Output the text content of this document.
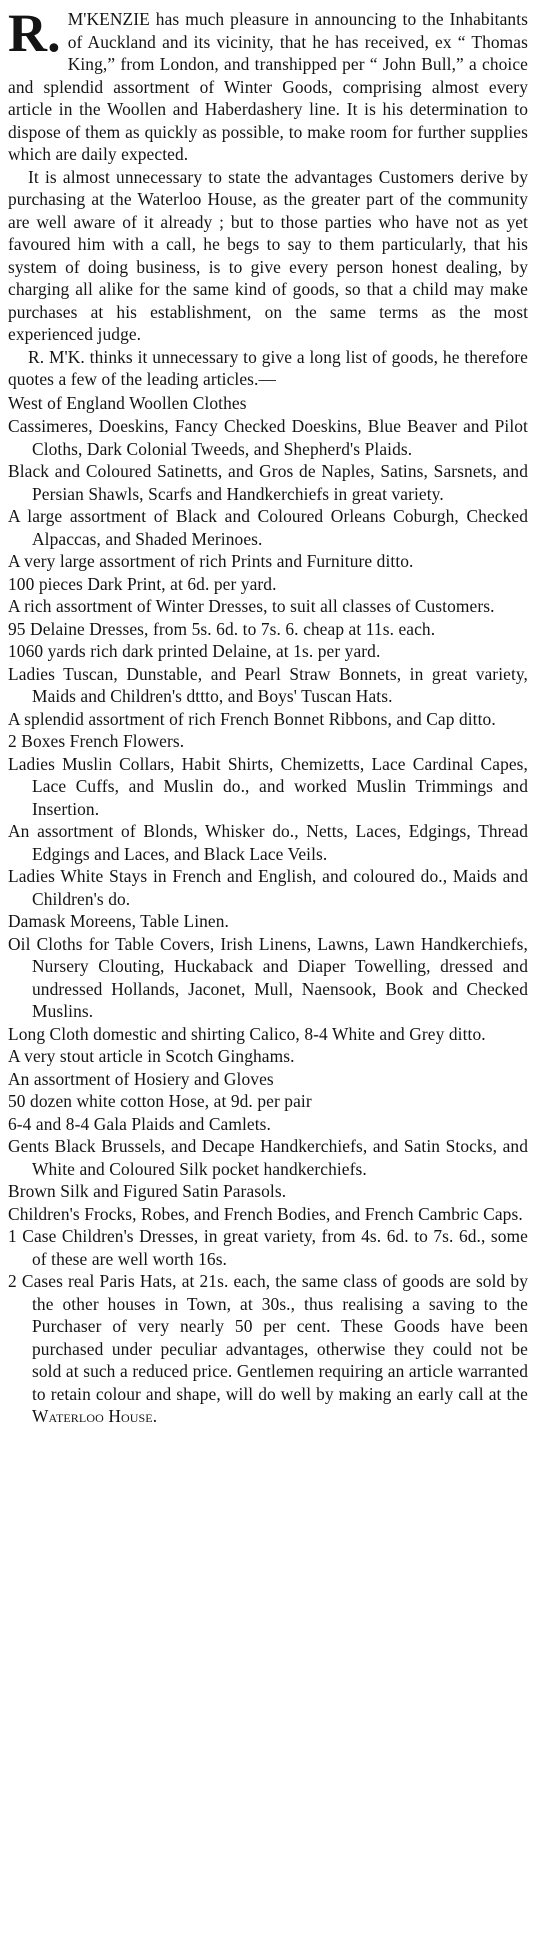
R. M'KENZIE has much pleasure in announcing to the Inhabitants of Auckland and its vicinity, that he has received, ex “ Thomas King,” from London, and transhipped per “ John Bull,” a choice and splendid assortment of Winter Goods, comprising almost every article in the Woollen and Haberdashery line. It is his determination to dispose of them as quickly as possible, to make room for further supplies which are daily expected.

It is almost unnecessary to state the advantages Customers derive by purchasing at the Waterloo House, as the greater part of the community are well aware of it already ; but to those parties who have not as yet favoured him with a call, he begs to say to them particularly, that his system of doing business, is to give every person honest dealing, by charging all alike for the same kind of goods, so that a child may make purchases at his establishment, on the same terms as the most experienced judge.

R. M'K. thinks it unnecessary to give a long list of goods, he therefore quotes a few of the leading articles.—

West of England Woollen Clothes

Cassimeres, Doeskins, Fancy Checked Doeskins, Blue Beaver and Pilot Cloths, Dark Colonial Tweeds, and Shepherd's Plaids.

Black and Coloured Satinetts, and Gros de Naples, Satins, Sarsnets, and Persian Shawls, Scarfs and Handkerchiefs in great variety.

A large assortment of Black and Coloured Orleans Coburgh, Checked Alpaccas, and Shaded Merinoes.

A very large assortment of rich Prints and Furniture ditto.

100 pieces Dark Print, at 6d. per yard.

A rich assortment of Winter Dresses, to suit all classes of Customers.

95 Delaine Dresses, from 5s. 6d. to 7s. 6. cheap at 11s. each.

1060 yards rich dark printed Delaine, at 1s. per yard.

Ladies Tuscan, Dunstable, and Pearl Straw Bonnets, in great variety, Maids and Children's dttto, and Boys' Tuscan Hats.

A splendid assortment of rich French Bonnet Ribbons, and Cap ditto.

2 Boxes French Flowers.

Ladies Muslin Collars, Habit Shirts, Chemizetts, Lace Cardinal Capes, Lace Cuffs, and Muslin do., and worked Muslin Trimmings and Insertion.

An assortment of Blonds, Whisker do., Netts, Laces, Edgings, Thread Edgings and Laces, and Black Lace Veils.

Ladies White Stays in French and English, and coloured do., Maids and Children's do.

Damask Moreens, Table Linen.

Oil Cloths for Table Covers, Irish Linens, Lawns, Lawn Handkerchiefs, Nursery Clouting, Huckaback and Diaper Towelling, dressed and undressed Hollands, Jaconet, Mull, Naensook, Book and Checked Muslins.

Long Cloth domestic and shirting Calico, 8-4 White and Grey ditto.

A very stout article in Scotch Ginghams.

An assortment of Hosiery and Gloves

50 dozen white cotton Hose, at 9d. per pair

6-4 and 8-4 Gala Plaids and Camlets.

Gents Black Brussels, and Decape Handkerchiefs, and Satin Stocks, and White and Coloured Silk pocket handkerchiefs.

Brown Silk and Figured Satin Parasols.

Children's Frocks, Robes, and French Bodies, and French Cambric Caps.

1 Case Children's Dresses, in great variety, from 4s. 6d. to 7s. 6d., some of these are well worth 16s.

2 Cases real Paris Hats, at 21s. each, the same class of goods are sold by the other houses in Town, at 30s., thus realising a saving to the Purchaser of very nearly 50 per cent. These Goods have been purchased under peculiar advantages, otherwise they could not be sold at such a reduced price. Gentlemen requiring an article warranted to retain colour and shape, will do well by making an early call at the Waterloo House.
